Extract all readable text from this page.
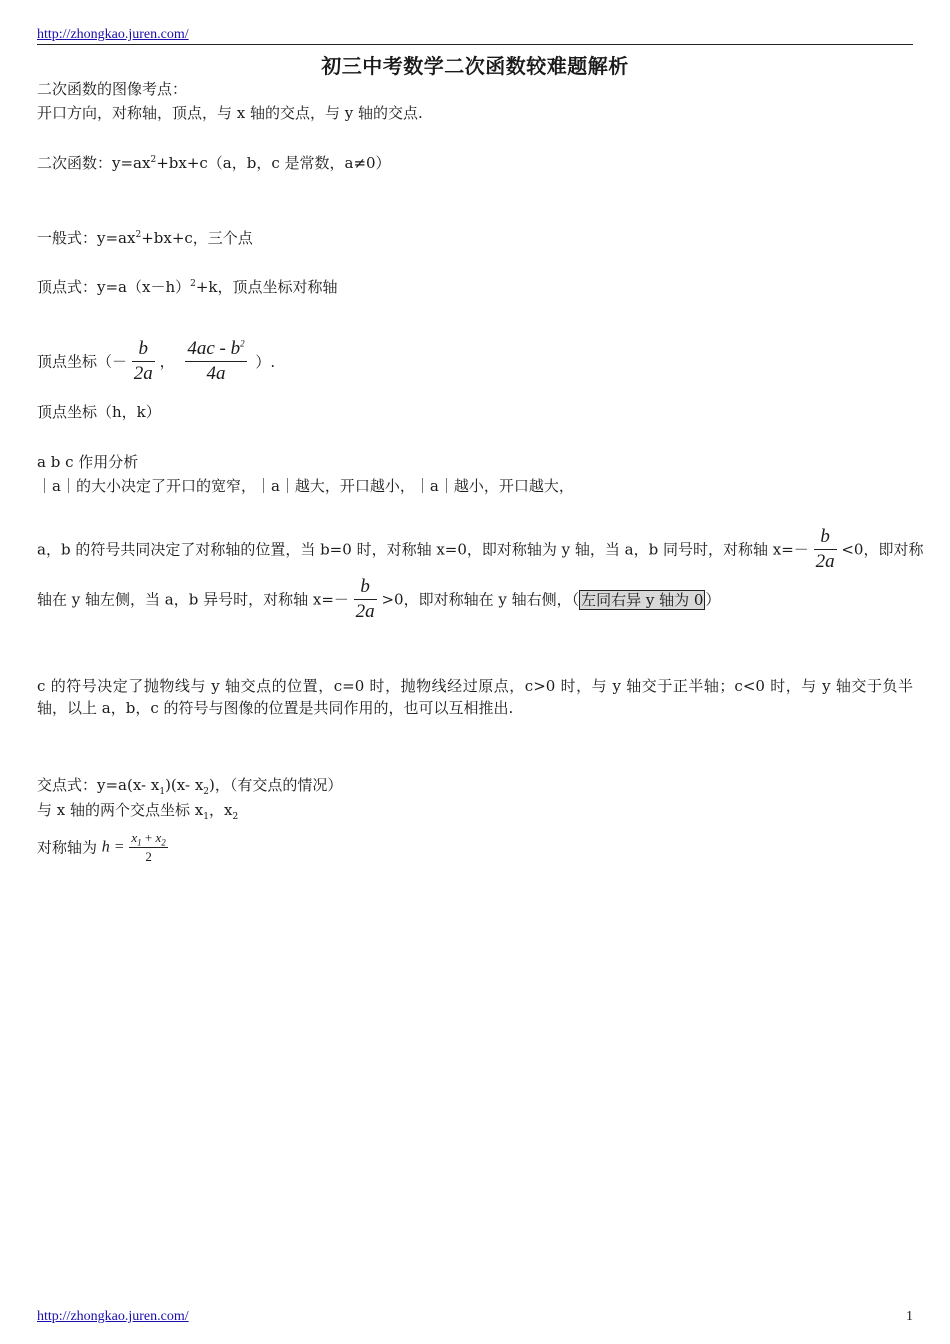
http://zhongkao.juren.com/
初三中考数学二次函数较难题解析
二次函数的图像考点：
开口方向，对称轴，顶点，与 x 轴的交点，与 y 轴的交点.
二次函数：$y=ax^2+bx+c(a$，b，c 是常数，a≠0）
一般式：$y=ax^2+bx+c$，三个点
顶点式：$y=a(x-h)^2+k$，顶点坐标对称轴
顶点坐标（－ $\frac{b}{2a}$ ， $\frac{4ac - b^2}{4a}$ ）.
顶点坐标（h，k）
a b c 作用分析
｜a｜的大小决定了开口的宽窄，｜a｜越大，开口越小，｜a｜越小，开口越大，
a，b 的符号共同决定了对称轴的位置，当 b=0 时，对称轴 x=0，即对称轴为 y 轴，当 a，b 同号时，对称轴 $x=- \frac{b}{2a} <0$，即对称
轴在 y 轴左侧，当 a，b 异号时，对称轴 $x=- \frac{b}{2a} >0$，即对称轴在 y 轴右侧，（ 左同右异 y 轴为 0 ）
c 的符号决定了抛物线与 y 轴交点的位置，c=0 时，抛物线经过原点，c>0 时，与 y 轴交于正半轴；c<0 时，与 y 轴交于负半轴，以上 a，b，c 的符号与图像的位置是共同作用的，也可以互相推出.
交点式：y=a(x- $x_1)(x-$ $x_2$)，（有交点的情况）
与 x 轴的两个交点坐标 $x_1$，$x_2$
对称轴为 $h = \frac{x_1 + x_2}{2}$
http://zhongkao.juren.com/	1
